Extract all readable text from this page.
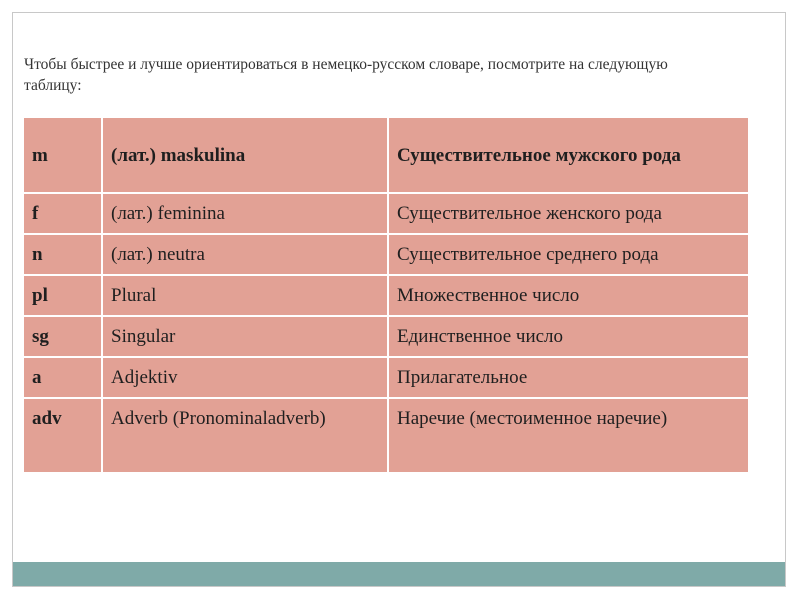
Чтобы быстрее и лучше ориентироваться в немецко-русском словаре, посмотрите на следующую таблицу:
m	(лат.) maskulina	Существительное мужского рода
f	(лат.) feminina	Существительное женского рода
n	(лат.) neutra	Существительное среднего рода
pl	Plural	Множественное число
sg	Singular	Единственное число
a	Adjektiv	Прилагательное
adv	Adverb (Pronominaladverb)	Наречие (местоименное наречие)
